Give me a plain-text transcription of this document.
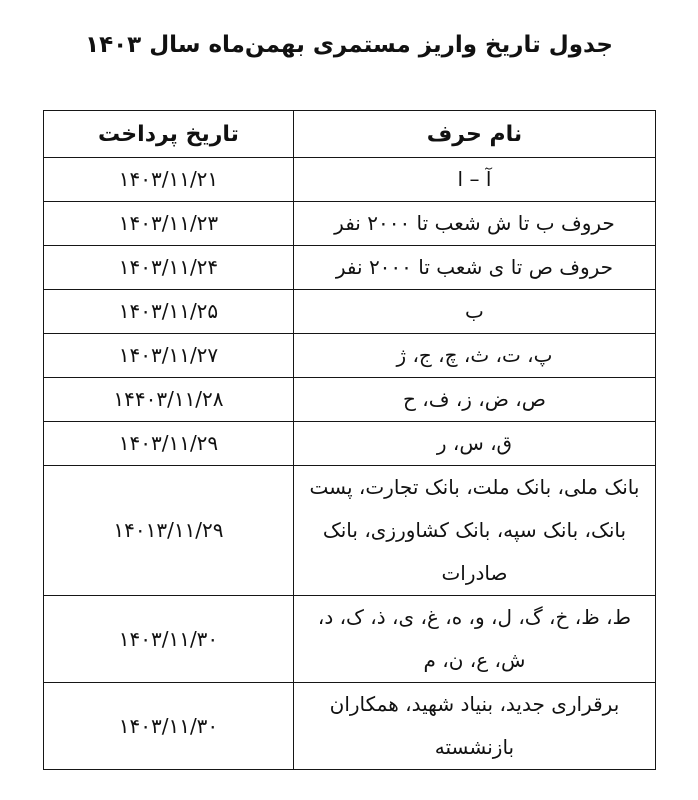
جدول تاریخ واریز مستمری بهمن‌ماه سال ۱۴۰۳
نام حرف	تاریخ پرداخت
آ – ا	۱۴۰۳/۱۱/۲۱
حروف ب تا ش شعب تا ۲۰۰۰ نفر	۱۴۰۳/۱۱/۲۳
حروف ص تا ی شعب تا ۲۰۰۰ نفر	۱۴۰۳/۱۱/۲۴
ب	۱۴۰۳/۱۱/۲۵
پ، ت، ث، چ، ج، ژ	۱۴۰۳/۱۱/۲۷
ص، ض، ز، ف، ح	۱۴۴۰۳/۱۱/۲۸
ق، س، ر	۱۴۰۳/۱۱/۲۹
بانک ملی، بانک ملت، بانک تجارت، پست بانک، بانک سپه، بانک کشاورزی، بانک صادرات	۱۴۰۱۳/۱۱/۲۹
ط، ظ، خ، گ، ل، و، ه، غ، ی، ذ، ک، د، ش، ع، ن، م	۱۴۰۳/۱۱/۳۰
برقراری جدید، بنیاد شهید، همکاران بازنشسته	۱۴۰۳/۱۱/۳۰
